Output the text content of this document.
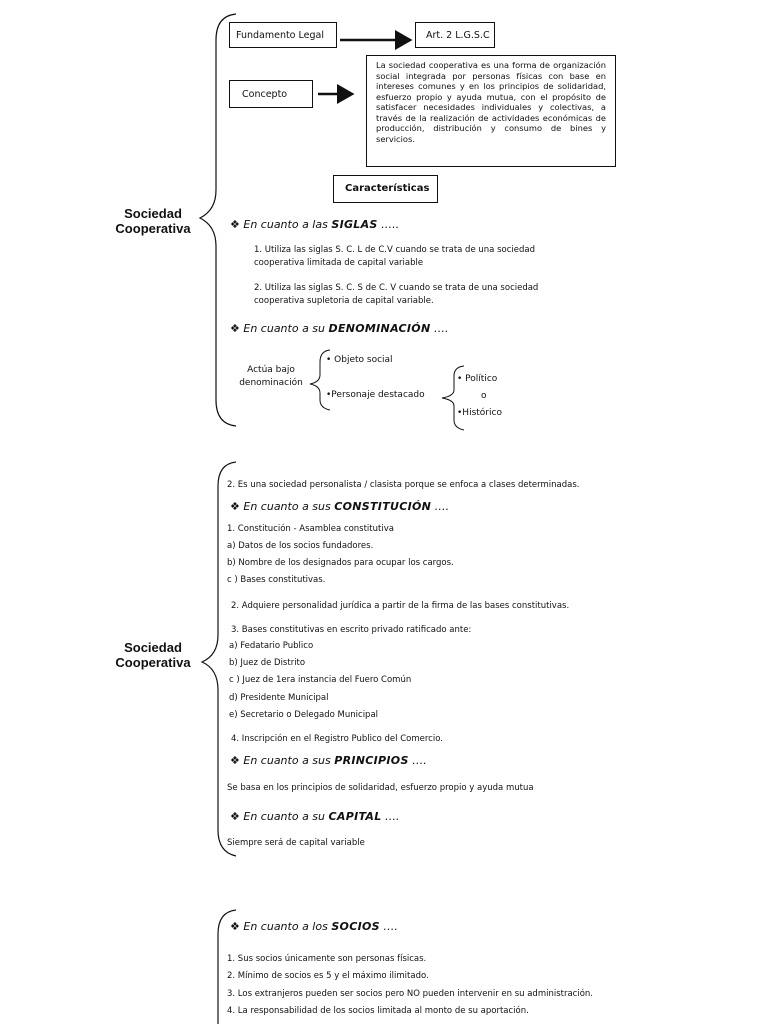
Sociedad
Cooperativa
Fundamento Legal	Art. 2 L.G.S.C
Concepto
La sociedad cooperativa es una forma de organización social integrada por personas físicas con base en intereses comunes y en los principios de solidaridad, esfuerzo propio y ayuda mutua, con el propósito de satisfacer necesidades individuales y colectivas, a través de la realización de actividades económicas de producción, distribución y consumo de bines y servicios.
Características
❖ En cuanto a las SIGLAS …..
1. Utiliza las siglas S. C. L de C.V cuando se trata de una sociedad
cooperativa limitada de capital variable
2. Utiliza las siglas S. C. S de C. V cuando se trata de una sociedad
cooperativa supletoria de capital variable.
❖ En cuanto a su DENOMINACIÓN ….
Actúa bajo
denominación
• Objeto social
•Personaje destacado
• Político
o
•Histórico
Sociedad
Cooperativa
2. Es una sociedad personalista / clasista porque se enfoca a clases determinadas.
❖ En cuanto a sus CONSTITUCIÓN ….
1. Constitución - Asamblea constitutiva
a) Datos de los socios fundadores.
b) Nombre de los designados para ocupar los cargos.
c ) Bases constitutivas.
2. Adquiere personalidad jurídica a partir de la firma de las bases constitutivas.
3. Bases constitutivas en escrito privado ratificado ante:
a) Fedatario Publico
b) Juez de Distrito
c ) Juez de 1era instancia del Fuero Común
d) Presidente Municipal
e) Secretario o Delegado Municipal
4. Inscripción en el Registro Publico del Comercio.
❖ En cuanto a sus PRINCIPIOS ….
Se basa en los principios de solidaridad, esfuerzo propio y ayuda mutua
❖ En cuanto a su CAPITAL ….
Siempre será de capital variable
❖ En cuanto a los SOCIOS ….
1. Sus socios únicamente son personas físicas.
2. Mínimo de socios es 5 y el máximo ilimitado.
3. Los extranjeros pueden ser socios pero NO pueden intervenir en su administración.
4. La responsabilidad de los socios limitada al monto de su aportación.
